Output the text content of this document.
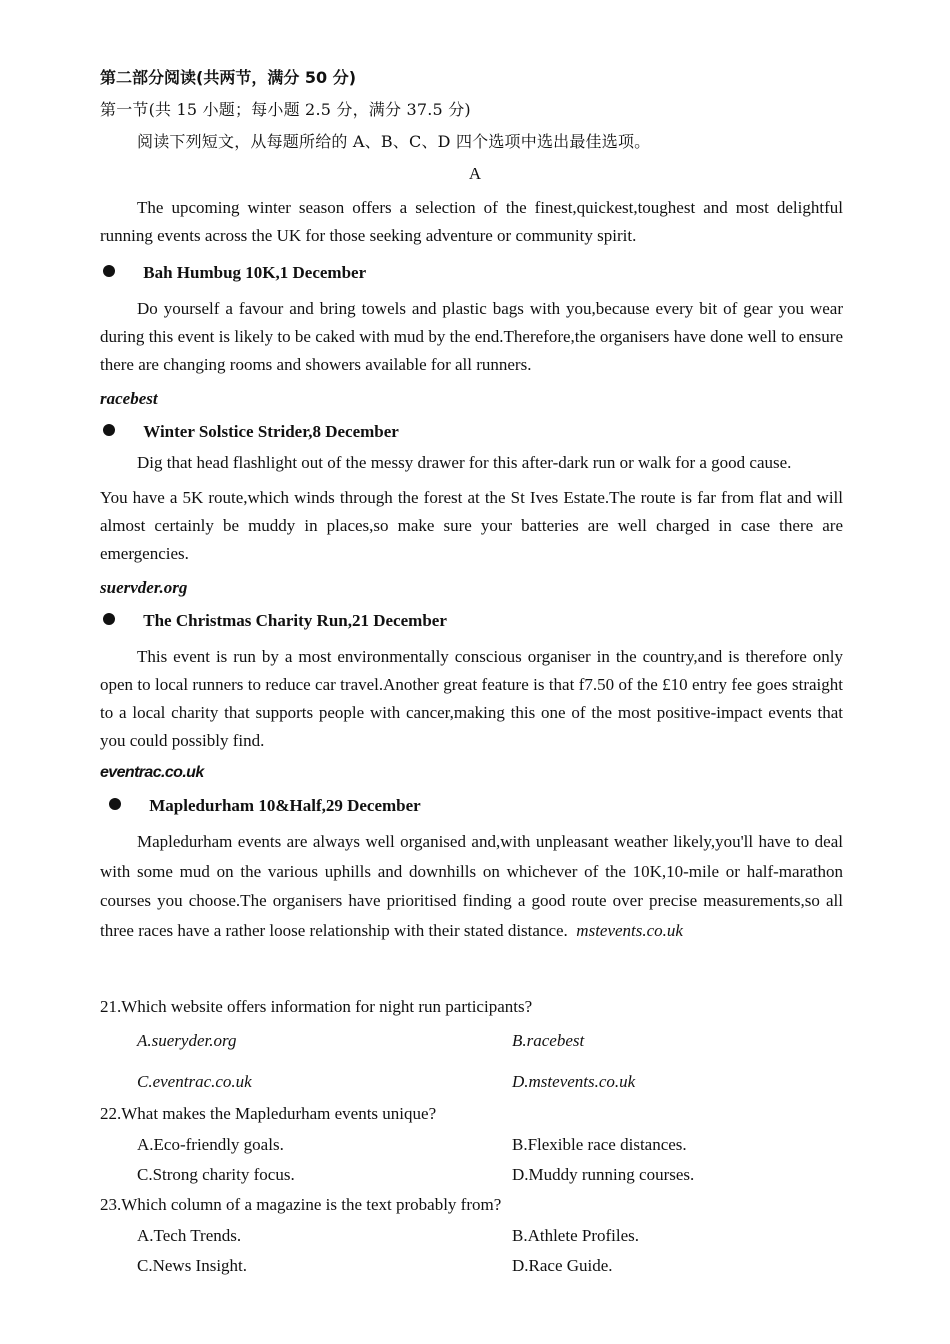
第二部分阅读(共两节，满分 50 分)
第一节(共 15 小题；每小题 2.5 分，满分 37.5 分)
阅读下列短文，从每题所给的 A、B、C、D 四个选项中选出最佳选项。
A

The upcoming winter season offers a selection of the finest,quickest,toughest and most delightful running events across the UK for those seeking adventure or community spirit.

Bah Humbug 10K,1 December

Do yourself a favour and bring towels and plastic bags with you,because every bit of gear you wear during this event is likely to be caked with mud by the end.Therefore,the organisers have done well to ensure there are changing rooms and showers available for all runners.

racebest
Winter Solstice Strider,8 December
Dig that head flashlight out of the messy drawer for this after-dark run or walk for a good cause.

You have a 5K route,which winds through the forest at the St Ives Estate.The route is far from flat and will almost certainly be muddy in places,so make sure your batteries are well charged in case there are emergencies.

suervder.org
The Christmas Charity Run,21 December

This event is run by a most environmentally conscious organiser in the country,and is therefore only open to local runners to reduce car travel.Another great feature is that f7.50 of the £10 entry fee goes straight to a local charity that supports people with cancer,making this one of the most positive-impact events that you could possibly find.

eventrac.co.uk
Mapledurham 10&Half,29 December

Mapledurham events are always well organised and,with unpleasant weather likely,you'll have to deal with some mud on the various uphills and downhills on whichever of the 10K,10-mile or half-marathon courses you choose.The organisers have prioritised finding a good route over precise measurements,so all three races have a rather loose relationship with their stated distance. mstevents.co.uk

21.Which website offers information for night run participants?
A.sueryder.org	B.racebest
C.eventrac.co.uk	D.mstevents.co.uk
22.What makes the Mapledurham events unique?
A.Eco-friendly goals.	B.Flexible race distances.
C.Strong charity focus.	D.Muddy running courses.
23.Which column of a magazine is the text probably from?
A.Tech Trends.	B.Athlete Profiles.
C.News Insight.	D.Race Guide.
